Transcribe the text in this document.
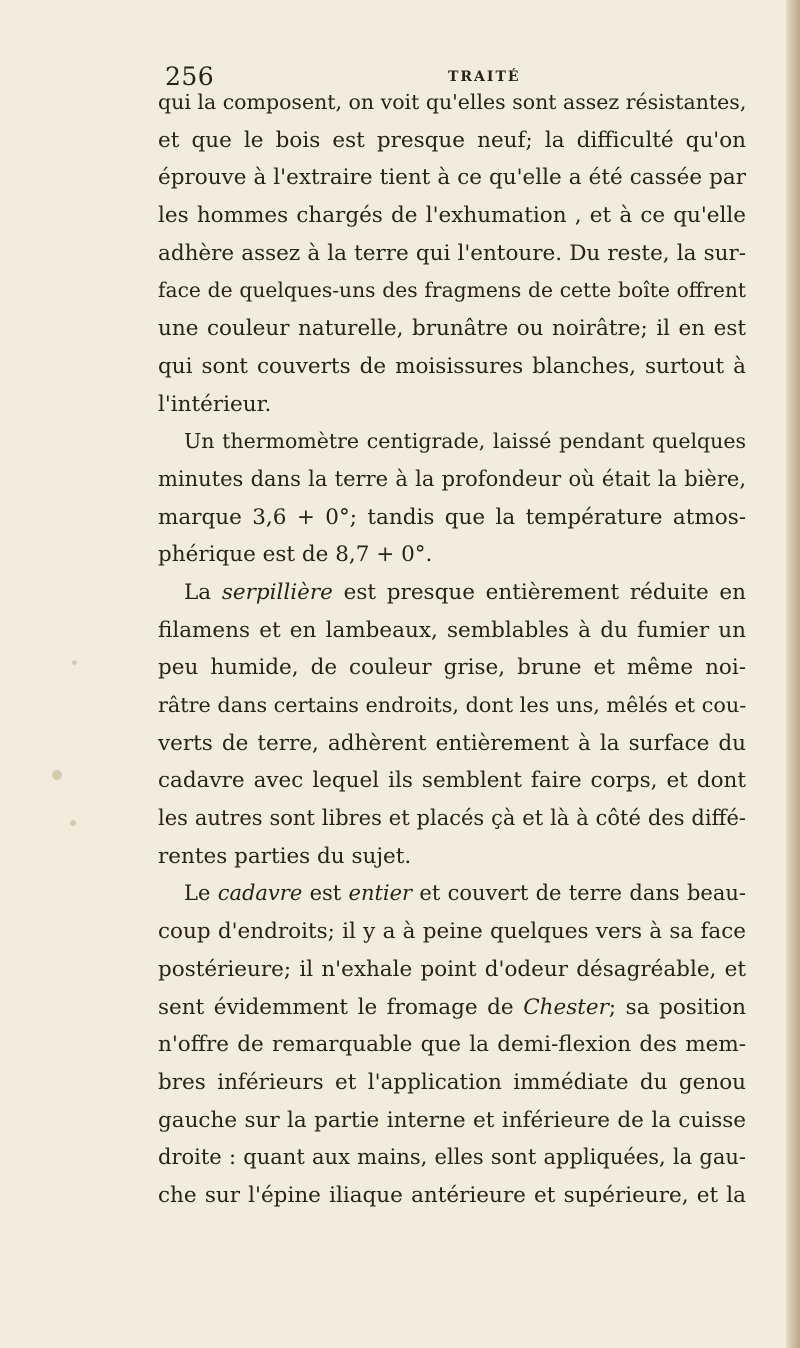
256	TRAITÉ
qui la composent, on voit qu'elles sont assez résistantes,
et que le bois est presque neuf; la difficulté qu'on
éprouve à l'extraire tient à ce qu'elle a été cassée par
les hommes chargés de l'exhumation , et à ce qu'elle
adhère assez à la terre qui l'entoure. Du reste, la sur-
face de quelques-uns des fragmens de cette boîte offrent
une couleur naturelle, brunâtre ou noirâtre; il en est
qui sont couverts de moisissures blanches, surtout à
l'intérieur.
Un thermomètre centigrade, laissé pendant quelques
minutes dans la terre à la profondeur où était la bière,
marque 3,6 + 0°; tandis que la température atmos-
phérique est de 8,7 + 0°.
La serpillière est presque entièrement réduite en
filamens et en lambeaux, semblables à du fumier un
peu humide, de couleur grise, brune et même noi-
râtre dans certains endroits, dont les uns, mêlés et cou-
verts de terre, adhèrent entièrement à la surface du
cadavre avec lequel ils semblent faire corps, et dont
les autres sont libres et placés çà et là à côté des diffé-
rentes parties du sujet.
Le cadavre est entier et couvert de terre dans beau-
coup d'endroits; il y a à peine quelques vers à sa face
postérieure; il n'exhale point d'odeur désagréable, et
sent évidemment le fromage de Chester; sa position
n'offre de remarquable que la demi-flexion des mem-
bres inférieurs et l'application immédiate du genou
gauche sur la partie interne et inférieure de la cuisse
droite : quant aux mains, elles sont appliquées, la gau-
che sur l'épine iliaque antérieure et supérieure, et la
